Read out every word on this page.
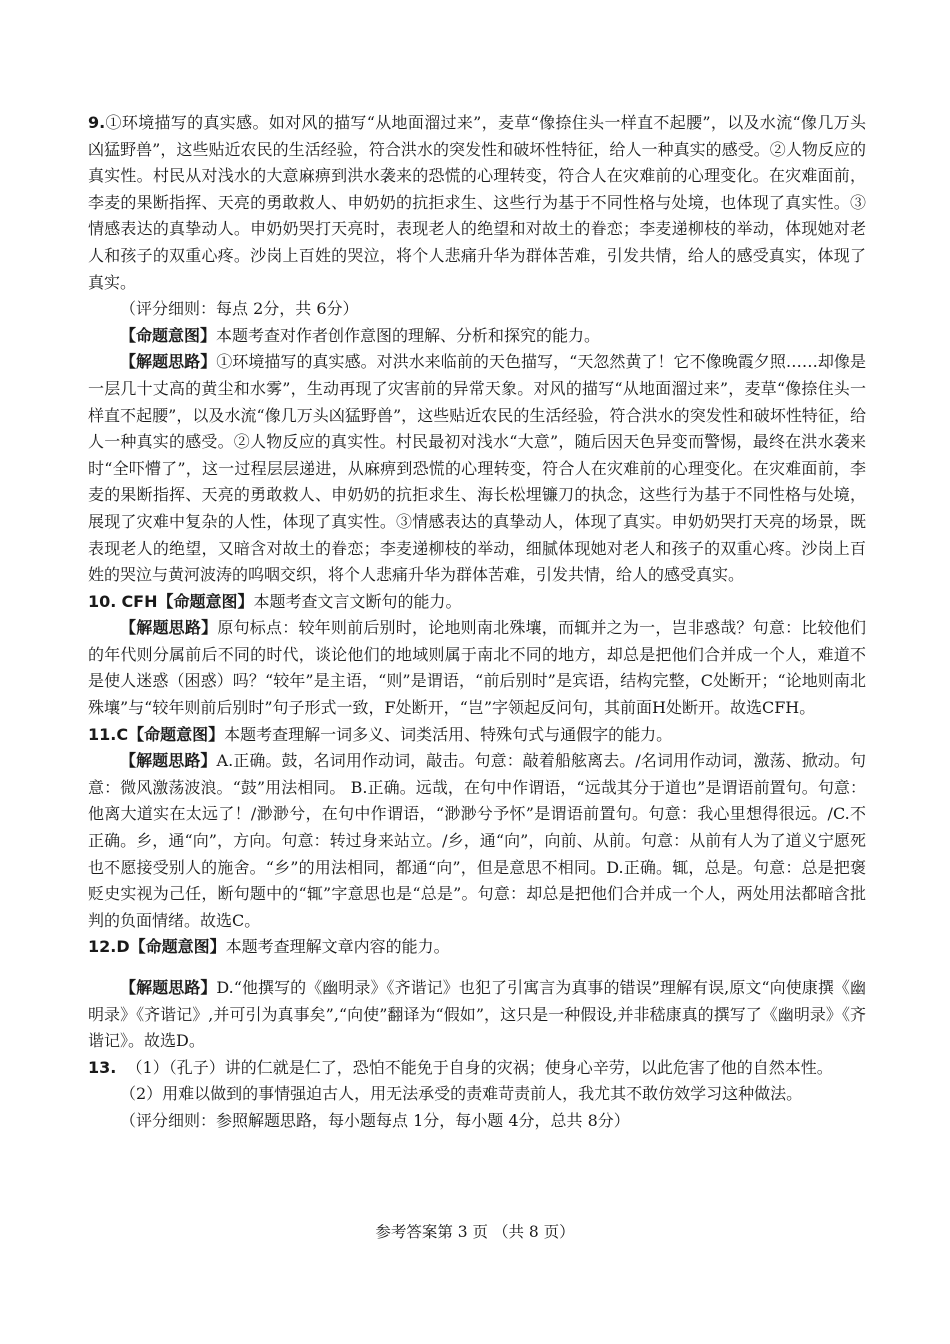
9.①环境描写的真实感。如对风的描写“从地面溜过来”，麦草“像捺住头一样直不起腰”，以及水流“像几万头凶猛野兽”，这些贴近农民的生活经验，符合洪水的突发性和破坏性特征，给人一种真实的感受。②人物反应的真实性。村民从对浅水的大意麻痹到洪水袭来的恐慌的心理转变，符合人在灾难前的心理变化。在灾难面前，李麦的果断指挥、天亮的勇敢救人、申奶奶的抗拒求生、这些行为基于不同性格与处境，也体现了真实性。③情感表达的真挚动人。申奶奶哭打天亮时，表现老人的绝望和对故土的眷恋；李麦递柳枝的举动，体现她对老人和孩子的双重心疼。沙岗上百姓的哭泣，将个人悲痛升华为群体苦难，引发共情，给人的感受真实，体现了真实。

（评分细则：每点 2分，共 6分）

【命题意图】本题考查对作者创作意图的理解、分析和探究的能力。

【解题思路】①环境描写的真实感。对洪水来临前的天色描写，“天忽然黄了！它不像晚霞夕照……却像是一层几十丈高的黄尘和水雾”，生动再现了灾害前的异常天象。对风的描写“从地面溜过来”，麦草“像捺住头一样直不起腰”，以及水流“像几万头凶猛野兽”，这些贴近农民的生活经验，符合洪水的突发性和破坏性特征，给人一种真实的感受。②人物反应的真实性。村民最初对浅水“大意”，随后因天色异变而警惕，最终在洪水袭来时“全吓懵了”，这一过程层层递进，从麻痹到恐慌的心理转变，符合人在灾难前的心理变化。在灾难面前，李麦的果断指挥、天亮的勇敢救人、申奶奶的抗拒求生、海长松埋镰刀的执念，这些行为基于不同性格与处境，展现了灾难中复杂的人性，体现了真实性。③情感表达的真挚动人，体现了真实。申奶奶哭打天亮的场景，既表现老人的绝望，又暗含对故土的眷恋；李麦递柳枝的举动，细腻体现她对老人和孩子的双重心疼。沙岗上百姓的哭泣与黄河波涛的呜咽交织，将个人悲痛升华为群体苦难，引发共情，给人的感受真实。

10. CFH【命题意图】本题考查文言文断句的能力。

【解题思路】原句标点：较年则前后别时，论地则南北殊壤，而辄并之为一，岂非惑哉？句意：比较他们的年代则分属前后不同的时代，谈论他们的地域则属于南北不同的地方，却总是把他们合并成一个人，难道不是使人迷惑（困惑）吗？“较年”是主语，“则”是谓语，“前后别时”是宾语，结构完整，C处断开；“论地则南北殊壤”与“较年则前后别时”句子形式一致，F处断开，“岂”字领起反问句，其前面H处断开。故选CFH。

11.C【命题意图】本题考查理解一词多义、词类活用、特殊句式与通假字的能力。

【解题思路】A.正确。鼓，名词用作动词，敲击。句意：敲着船舷离去。/名词用作动词，激荡、掀动。句意：微风激荡波浪。“鼓”用法相同。 B.正确。远哉，在句中作谓语，“远哉其分于道也”是谓语前置句。句意：他离大道实在太远了！/渺渺兮，在句中作谓语，“渺渺兮予怀”是谓语前置句。句意：我心里想得很远。/C.不正确。乡，通“向”，方向。句意：转过身来站立。/乡，通“向”，向前、从前。句意：从前有人为了道义宁愿死也不愿接受别人的施舍。“乡”的用法相同，都通“向”，但是意思不相同。D.正确。辄，总是。句意：总是把褒贬史实视为己任，断句题中的“辄”字意思也是“总是”。句意：却总是把他们合并成一个人，两处用法都暗含批判的负面情绪。故选C。

12.D【命题意图】本题考查理解文章内容的能力。

【解题思路】D.“他撰写的《幽明录》《齐谐记》也犯了引寓言为真事的错误”理解有误,原文“向使康撰《幽明录》《齐谐记》,并可引为真事矣”,“向使”翻译为“假如”，这只是一种假设,并非嵇康真的撰写了《幽明录》《齐谐记》。故选D。

13. （1）（孔子）讲的仁就是仁了，恐怕不能免于自身的灾祸；使身心辛劳，以此危害了他的自然本性。

（2）用难以做到的事情强迫古人，用无法承受的责难苛责前人，我尤其不敢仿效学习这种做法。

（评分细则：参照解题思路，每小题每点 1分，每小题 4分，总共 8分）

参考答案第 3 页 （共 8 页）
